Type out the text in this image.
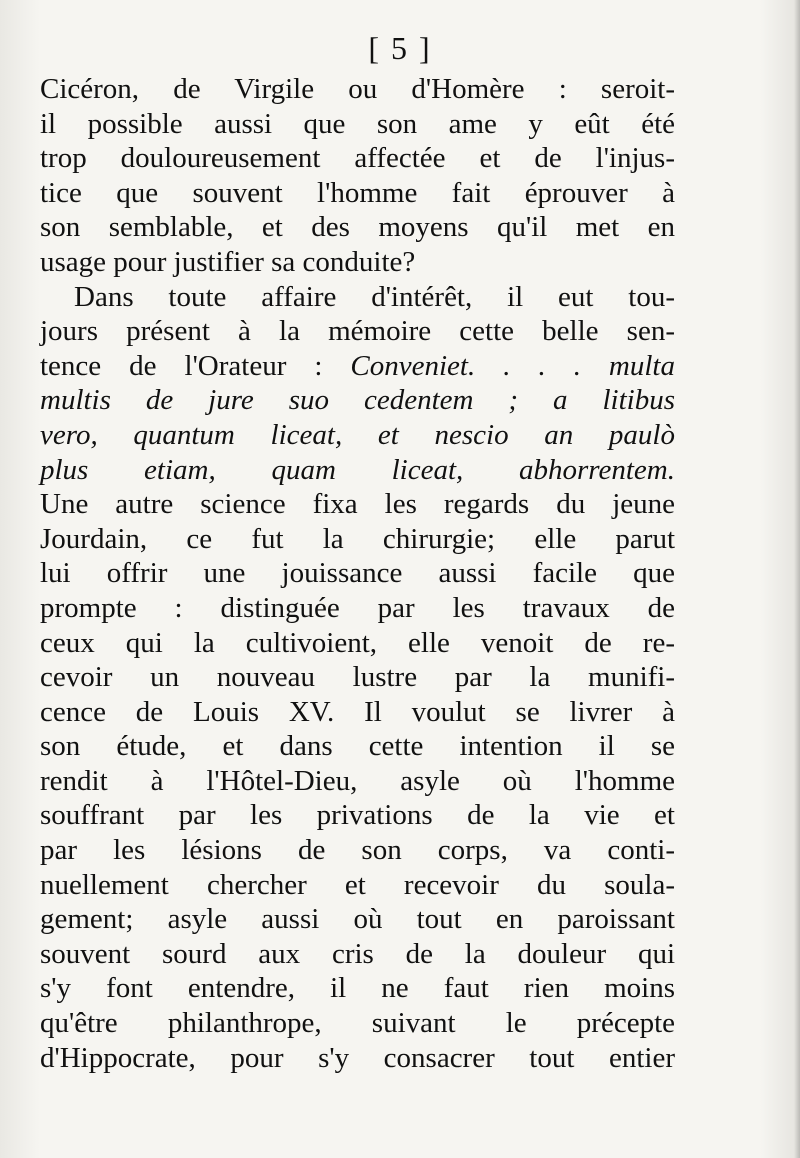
[ 5 ]
Cicéron, de Virgile ou d'Homère : seroit-
il possible aussi que son ame y eût été
trop douloureusement affectée et de l'injus-
tice que souvent l'homme fait éprouver à
son semblable, et des moyens qu'il met en
usage pour justifier sa conduite?
Dans toute affaire d'intérêt, il eut tou-
jours présent à la mémoire cette belle sen-
tence de l'Orateur : Conveniet. . . . multa
multis de jure suo cedentem ; a litibus
vero, quantum liceat, et nescio an paulò
plus etiam, quam liceat, abhorrentem.
Une autre science fixa les regards du jeune
Jourdain, ce fut la chirurgie; elle parut
lui offrir une jouissance aussi facile que
prompte : distinguée par les travaux de
ceux qui la cultivoient, elle venoit de re-
cevoir un nouveau lustre par la munifi-
cence de Louis XV. Il voulut se livrer à
son étude, et dans cette intention il se
rendit à l'Hôtel-Dieu, asyle où l'homme
souffrant par les privations de la vie et
par les lésions de son corps, va conti-
nuellement chercher et recevoir du soula-
gement; asyle aussi où tout en paroissant
souvent sourd aux cris de la douleur qui
s'y font entendre, il ne faut rien moins
qu'être philanthrope, suivant le précepte
d'Hippocrate, pour s'y consacrer tout entier
